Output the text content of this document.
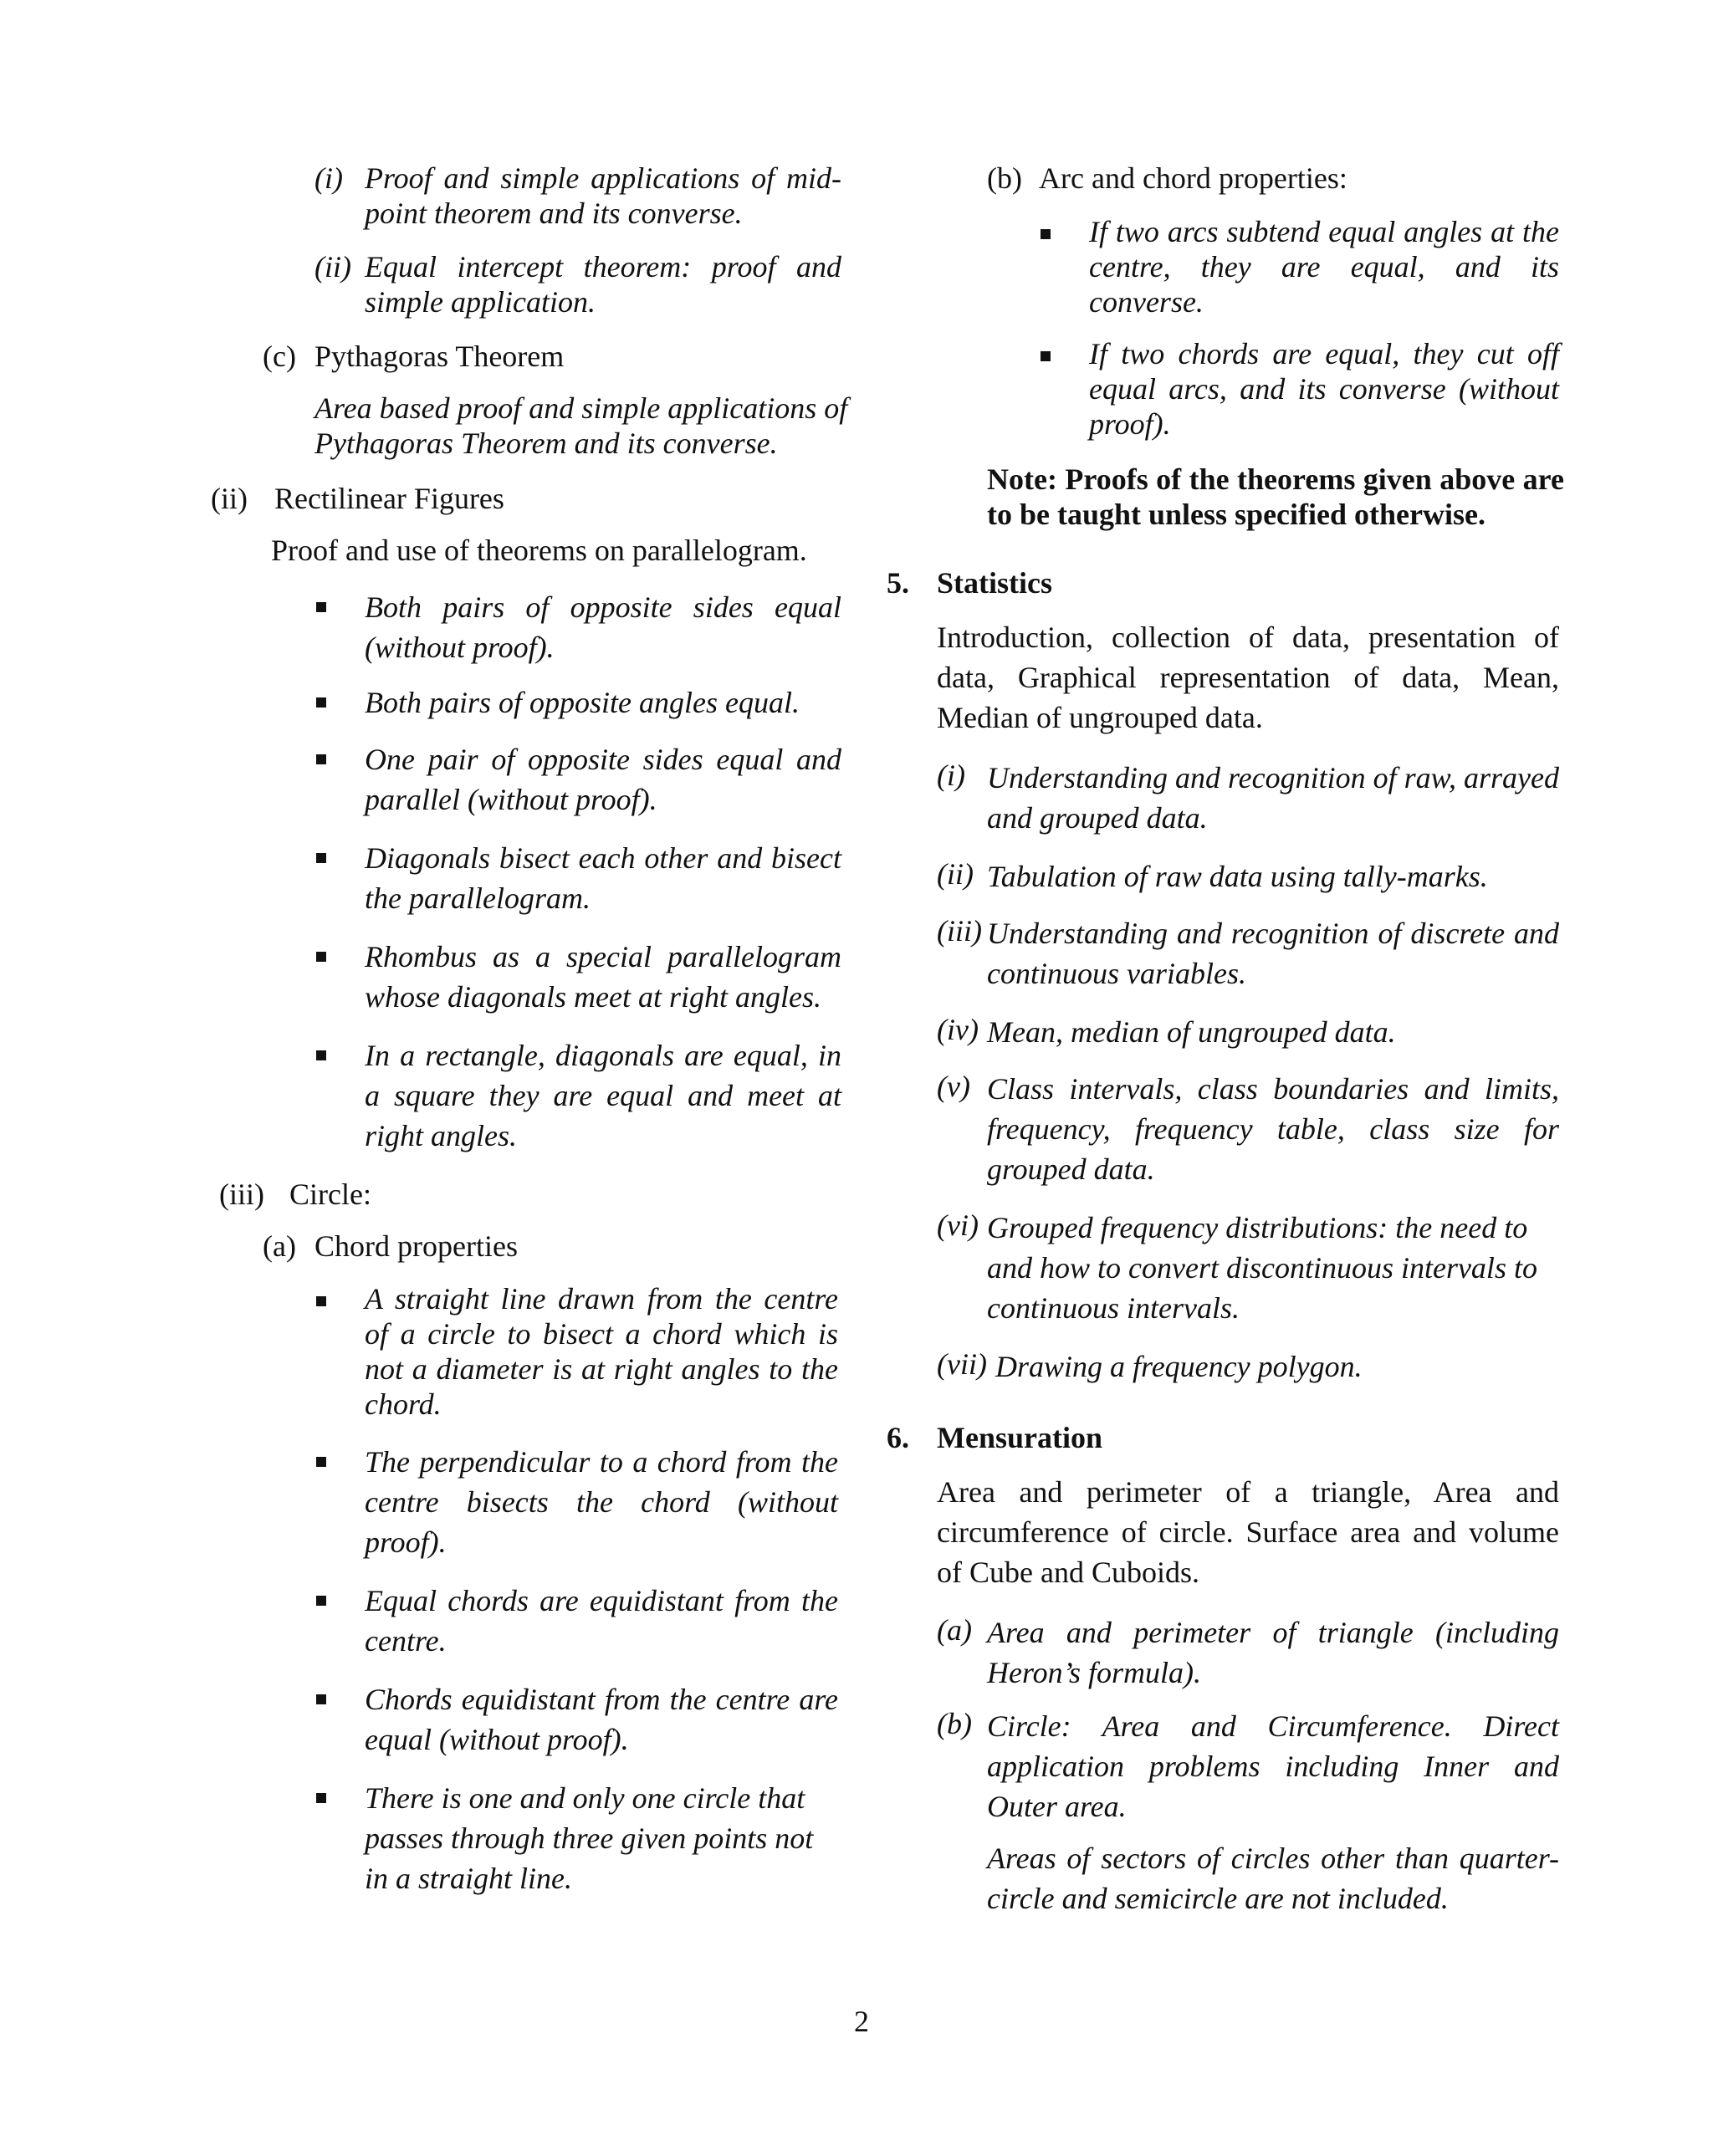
(i) Proof and simple applications of mid-point theorem and its converse.
(ii) Equal intercept theorem: proof and simple application.
(c) Pythagoras Theorem
Area based proof and simple applications of Pythagoras Theorem and its converse.
(ii) Rectilinear Figures
Proof and use of theorems on parallelogram.
Both pairs of opposite sides equal (without proof).
Both pairs of opposite angles equal.
One pair of opposite sides equal and parallel (without proof).
Diagonals bisect each other and bisect the parallelogram.
Rhombus as a special parallelogram whose diagonals meet at right angles.
In a rectangle, diagonals are equal, in a square they are equal and meet at right angles.
(iii) Circle:
(a) Chord properties
A straight line drawn from the centre of a circle to bisect a chord which is not a diameter is at right angles to the chord.
The perpendicular to a chord from the centre bisects the chord (without proof).
Equal chords are equidistant from the centre.
Chords equidistant from the centre are equal (without proof).
There is one and only one circle that passes through three given points not in a straight line.
(b) Arc and chord properties:
If two arcs subtend equal angles at the centre, they are equal, and its converse.
If two chords are equal, they cut off equal arcs, and its converse (without proof).
Note: Proofs of the theorems given above are to be taught unless specified otherwise.
5. Statistics
Introduction, collection of data, presentation of data, Graphical representation of data, Mean, Median of ungrouped data.
(i) Understanding and recognition of raw, arrayed and grouped data.
(ii) Tabulation of raw data using tally-marks.
(iii) Understanding and recognition of discrete and continuous variables.
(iv) Mean, median of ungrouped data.
(v) Class intervals, class boundaries and limits, frequency, frequency table, class size for grouped data.
(vi) Grouped frequency distributions: the need to and how to convert discontinuous intervals to continuous intervals.
(vii) Drawing a frequency polygon.
6. Mensuration
Area and perimeter of a triangle, Area and circumference of circle. Surface area and volume of Cube and Cuboids.
(a) Area and perimeter of triangle (including Heron’s formula).
(b) Circle: Area and Circumference. Direct application problems including Inner and Outer area.
Areas of sectors of circles other than quarter-circle and semicircle are not included.
2
